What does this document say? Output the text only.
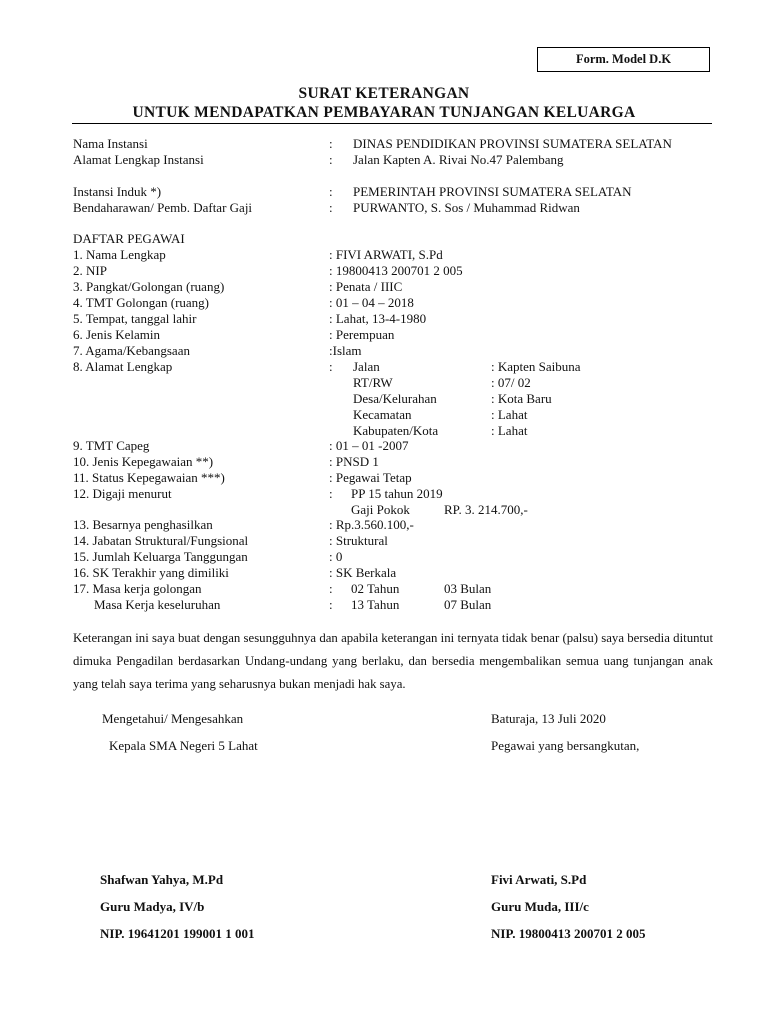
Form. Model D.K
SURAT KETERANGAN
UNTUK MENDAPATKAN PEMBAYARAN TUNJANGAN KELUARGA
Nama Instansi	: DINAS PENDIDIKAN PROVINSI SUMATERA SELATAN
Alamat Lengkap Instansi	: Jalan Kapten A. Rivai No.47 Palembang
Instansi Induk *)	: PEMERINTAH PROVINSI SUMATERA SELATAN
Bendaharawan/ Pemb. Daftar Gaji	: PURWANTO, S. Sos / Muhammad Ridwan
DAFTAR PEGAWAI
1. Nama Lengkap	: FIVI ARWATI, S.Pd
2. NIP	: 19800413 200701 2 005
3. Pangkat/Golongan (ruang)	: Penata / IIIC
4. TMT Golongan (ruang)	: 01 – 04 – 2018
5. Tempat, tanggal lahir	: Lahat, 13-4-1980
6. Jenis Kelamin	: Perempuan
7. Agama/Kebangsaan	:Islam
8. Alamat Lengkap	: Jalan	: Kapten Saibuna
RT/RW	: 07/ 02
Desa/Kelurahan	: Kota Baru
Kecamatan	: Lahat
Kabupaten/Kota	: Lahat
9. TMT Capeg	: 01 – 01 -2007
10. Jenis Kepegawaian **)	: PNSD 1
11. Status Kepegawaian ***)	: Pegawai Tetap
12. Digaji menurut	: PP 15 tahun 2019
Gaji Pokok	RP. 3. 214.700,-
13. Besarnya penghasilkan	: Rp.3.560.100,-
14. Jabatan Struktural/Fungsional	: Struktural
15. Jumlah Keluarga Tanggungan	: 0
16. SK Terakhir yang dimiliki	: SK Berkala
17. Masa kerja golongan	: 02 Tahun	03 Bulan
Masa Kerja keseluruhan	: 13 Tahun	07 Bulan
Keterangan ini saya buat dengan sesungguhnya dan apabila keterangan ini ternyata tidak benar (palsu) saya bersedia dituntut dimuka Pengadilan berdasarkan Undang-undang yang berlaku, dan bersedia mengembalikan semua uang tunjangan anak yang telah saya terima yang seharusnya bukan menjadi hak saya.
Mengetahui/ Mengesahkan
Kepala SMA Negeri 5 Lahat
Shafwan Yahya, M.Pd
Guru Madya, IV/b
NIP. 19641201 199001 1 001
Baturaja, 13 Juli 2020
Pegawai yang bersangkutan,
Fivi Arwati, S.Pd
Guru Muda, III/c
NIP. 19800413 200701 2 005
